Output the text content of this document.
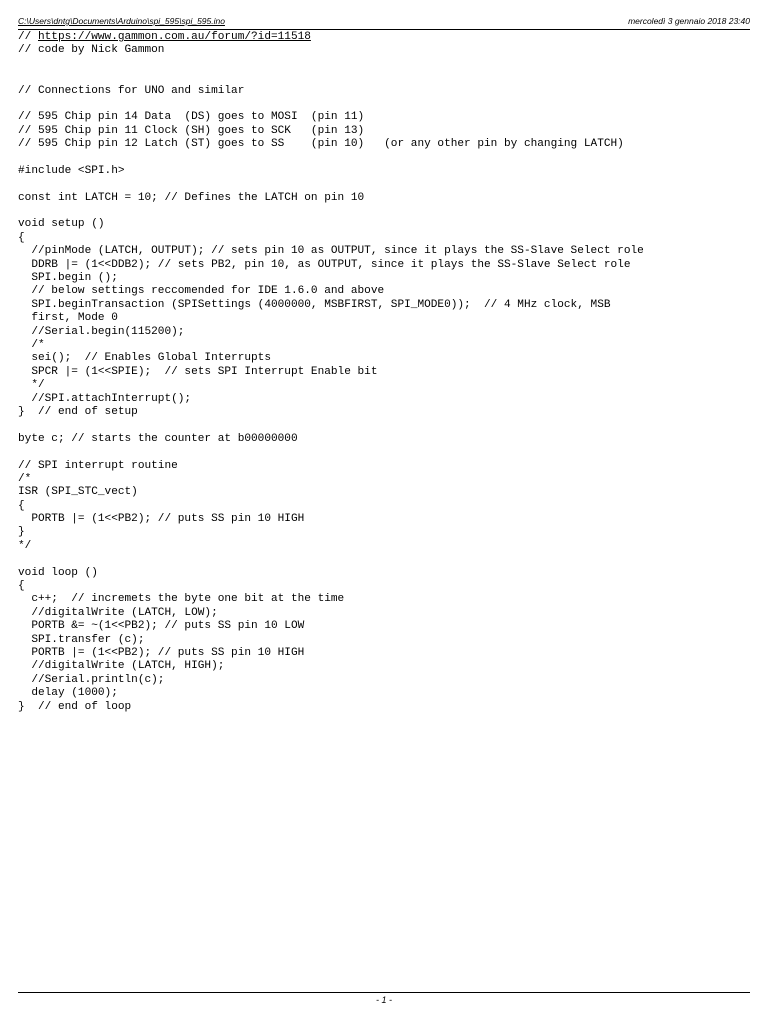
C:\Users\dntg\Documents\Arduino\spi_595\spi_595.ino	mercoledì 3 gennaio 2018 23:40
// https://www.gammon.com.au/forum/?id=11518
// code by Nick Gammon

// Connections for UNO and similar

// 595 Chip pin 14 Data  (DS) goes to MOSI  (pin 11)
// 595 Chip pin 11 Clock (SH) goes to SCK   (pin 13)
// 595 Chip pin 12 Latch (ST) goes to SS    (pin 10)   (or any other pin by changing LATCH)

#include <SPI.h>

const int LATCH = 10; // Defines the LATCH on pin 10

void setup ()
{
//pinMode (LATCH, OUTPUT); // sets pin 10 as OUTPUT, since it plays the SS-Slave Select role
DDRB |= (1<<DDB2); // sets PB2, pin 10, as OUTPUT, since it plays the SS-Slave Select role
SPI.begin ();
// below settings reccomended for IDE 1.6.0 and above
SPI.beginTransaction (SPISettings (4000000, MSBFIRST, SPI_MODE0));  // 4 MHz clock, MSB
first, Mode 0
//Serial.begin(115200);
/*
sei();  // Enables Global Interrupts
SPCR |= (1<<SPIE);  // sets SPI Interrupt Enable bit
*/
//SPI.attachInterrupt();
}  // end of setup

byte c; // starts the counter at b00000000

// SPI interrupt routine
/*
ISR (SPI_STC_vect)
{
PORTB |= (1<<PB2); // puts SS pin 10 HIGH
}
*/

void loop ()
{
c++;  // incremets the byte one bit at the time
//digitalWrite (LATCH, LOW);
PORTB &= ~(1<<PB2); // puts SS pin 10 LOW
SPI.transfer (c);
PORTB |= (1<<PB2); // puts SS pin 10 HIGH
//digitalWrite (LATCH, HIGH);
//Serial.println(c);
delay (1000);
}  // end of loop
- 1 -
